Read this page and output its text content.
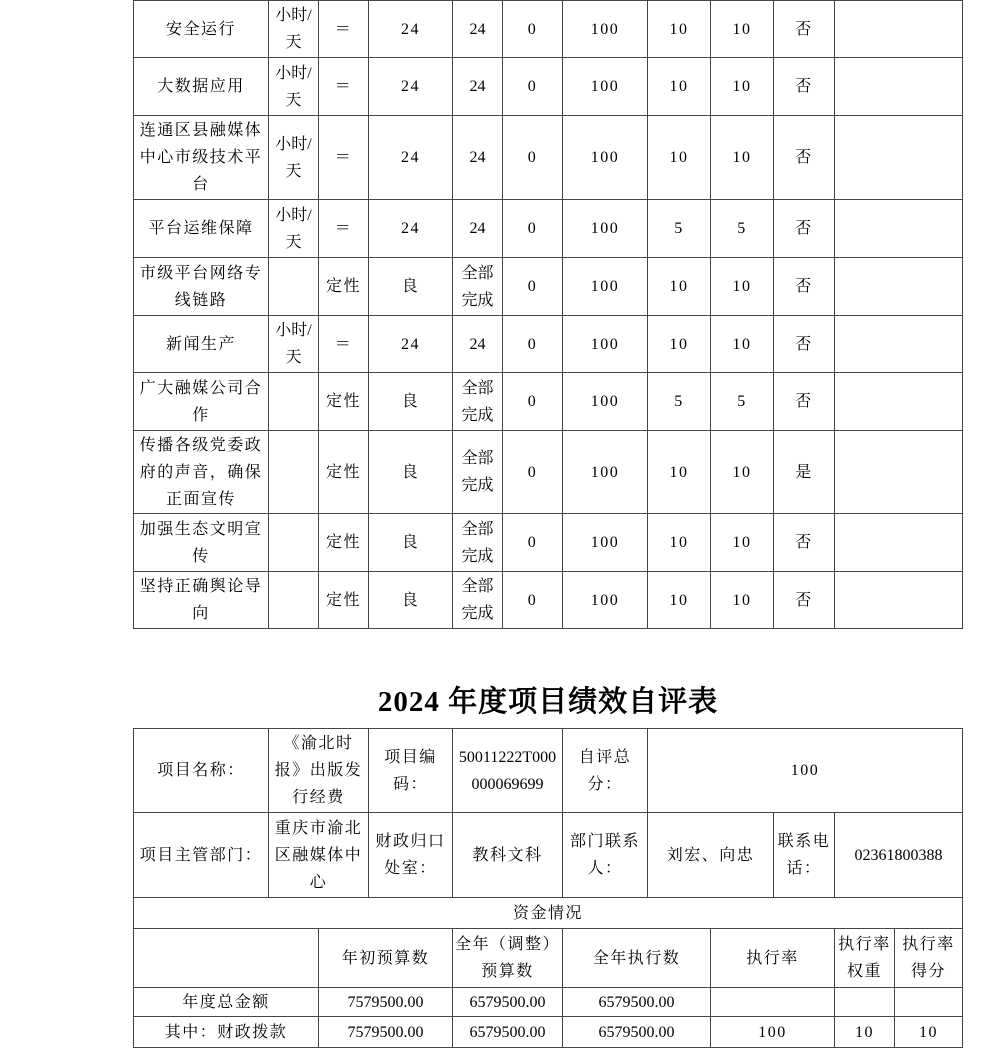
安全运行	小时/天	＝	24	24	0	100	10	10	否	
大数据应用	小时/天	＝	24	24	0	100	10	10	否	
连通区县融媒体中心市级技术平台	小时/天	＝	24	24	0	100	10	10	否	
平台运维保障	小时/天	＝	24	24	0	100	5	5	否	
市级平台网络专线链路		定性	良	全部完成	0	100	10	10	否	
新闻生产	小时/天	＝	24	24	0	100	10	10	否	
广大融媒公司合作		定性	良	全部完成	0	100	5	5	否	
传播各级党委政府的声音，确保正面宣传		定性	良	全部完成	0	100	10	10	是	
加强生态文明宣传		定性	良	全部完成	0	100	10	10	否	
坚持正确舆论导向		定性	良	全部完成	0	100	10	10	否	
2024 年度项目绩效自评表
项目名称：	《渝北时报》出版发行经费		项目编码：	50011222T000000069699	自评总分：	100				
项目主管部门：	重庆市渝北区融媒体中心		财政归口处室：	教科文科	部门联系人：	刘宏、向忠		联系电话：	02361800388	
资金情况										
		年初预算数		全年（调整）预算数	全年执行数		执行率		执行率权重	执行率得分
年度总金额		7579500.00		6579500.00	6579500.00					
其中：财政拨款		7579500.00		6579500.00	6579500.00		100		10	10
